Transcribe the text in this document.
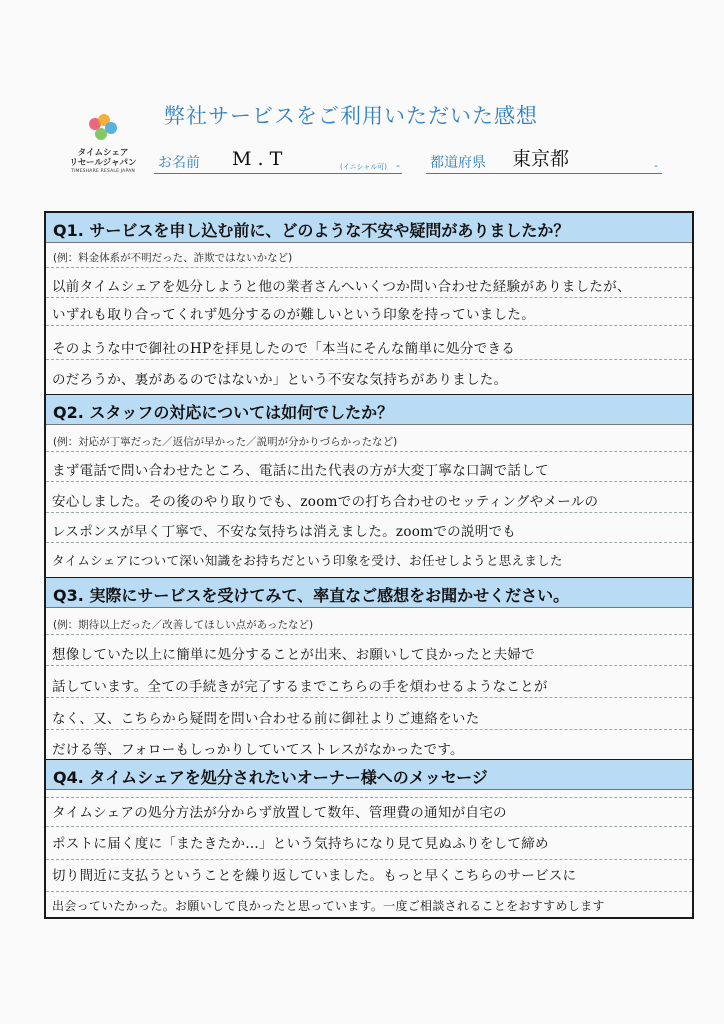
タイムシェア
リセールジャパン
TIMESHARE RESALE JAPAN
弊社サービスをご利用いただいた感想
お名前 M . T	(イニシャル可) - 都道府県 東京都	-
Q1. サービスを申し込む前に、どのような不安や疑問がありましたか？
(例：料金体系が不明だった、詐欺ではないかなど)
以前タイムシェアを処分しようと他の業者さんへいくつか問い合わせた経験がありましたが、
いずれも取り合ってくれず処分するのが難しいという印象を持っていました。
そのような中で御社のHPを拝見したので「本当にそんな簡単に処分できる
のだろうか、裏があるのではないか」という不安な気持ちがありました。
Q2. スタッフの対応については如何でしたか？
(例：対応が丁寧だった／返信が早かった／説明が分かりづらかったなど)
まず電話で問い合わせたところ、電話に出た代表の方が大変丁寧な口調で話して
安心しました。その後のやり取りでも、zoomでの打ち合わせのセッティングやメールの
レスポンスが早く丁寧で、不安な気持ちは消えました。zoomでの説明でも
タイムシェアについて深い知識をお持ちだという印象を受け、お任せしようと思えました
Q3. 実際にサービスを受けてみて、率直なご感想をお聞かせください。
(例：期待以上だった／改善してほしい点があったなど)
想像していた以上に簡単に処分することが出来、お願いして良かったと夫婦で
話しています。全ての手続きが完了するまでこちらの手を煩わせるようなことが
なく、又、こちらから疑問を問い合わせる前に御社よりご連絡をいた
だける等、フォローもしっかりしていてストレスがなかったです。
Q4. タイムシェアを処分されたいオーナー様へのメッセージ
タイムシェアの処分方法が分からず放置して数年、管理費の通知が自宅の
ポストに届く度に「またきたか…」という気持ちになり見て見ぬふりをして締め
切り間近に支払うということを繰り返していました。もっと早くこちらのサービスに
出会っていたかった。お願いして良かったと思っています。一度ご相談されることをおすすめします
